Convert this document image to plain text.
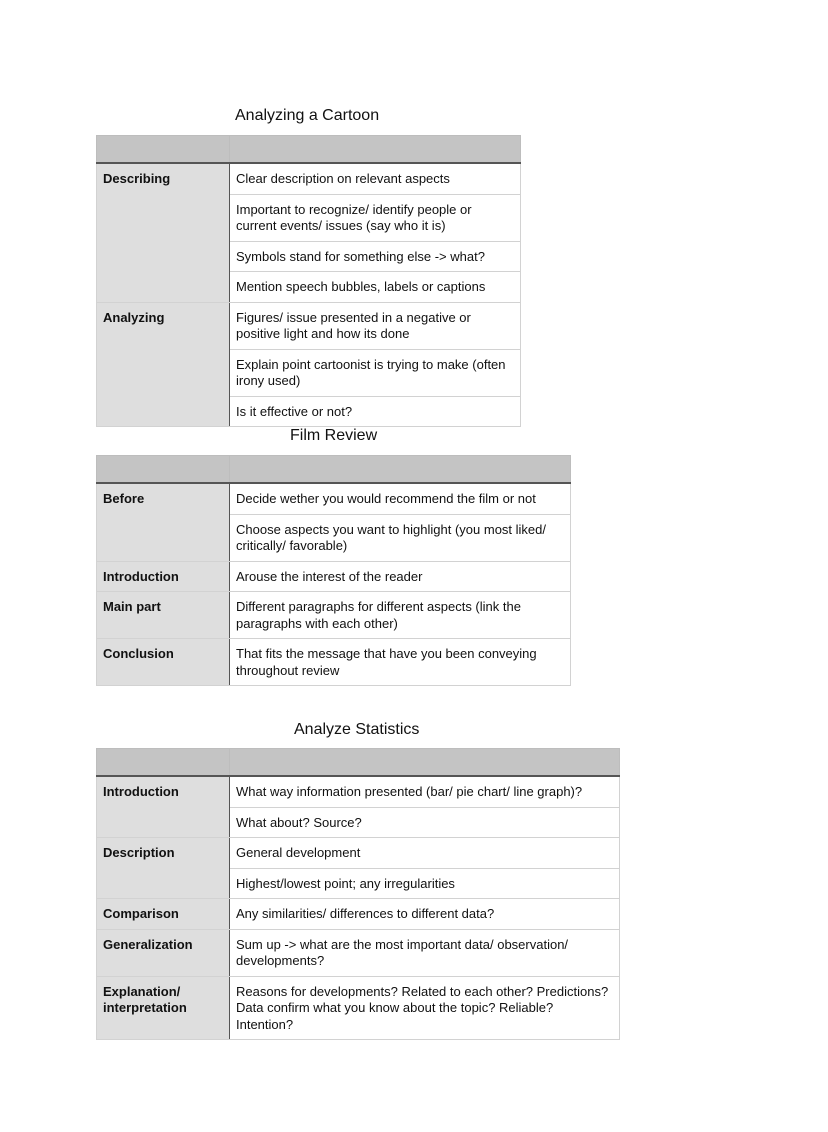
Analyzing a Cartoon

Describing	Clear description on relevant aspects
	Important to recognize/ identify people or current events/ issues (say who it is)
	Symbols stand for something else -> what?
	Mention speech bubbles, labels or captions
Analyzing	Figures/ issue presented in a negative or positive light and how its done
	Explain point cartoonist is trying to make (often irony used)
	Is it effective or not?
Film Review

Before	Decide wether you would recommend the film or not
	Choose aspects you want to highlight (you most liked/ critically/ favorable)
Introduction	Arouse the interest of the reader
Main part	Different paragraphs for different aspects (link the paragraphs with each other)
Conclusion	That fits the message that have you been conveying throughout review
Analyze Statistics

Introduction	What way information presented (bar/ pie chart/ line graph)?
	What about? Source?
Description	General development
	Highest/lowest point; any irregularities
Comparison	Any similarities/ differences to different data?
Generalization	Sum up -> what are the most important data/ observation/ developments?
Explanation/ interpretation	Reasons for developments? Related to each other? Predictions? Data confirm what you know about the topic? Reliable? Intention?
